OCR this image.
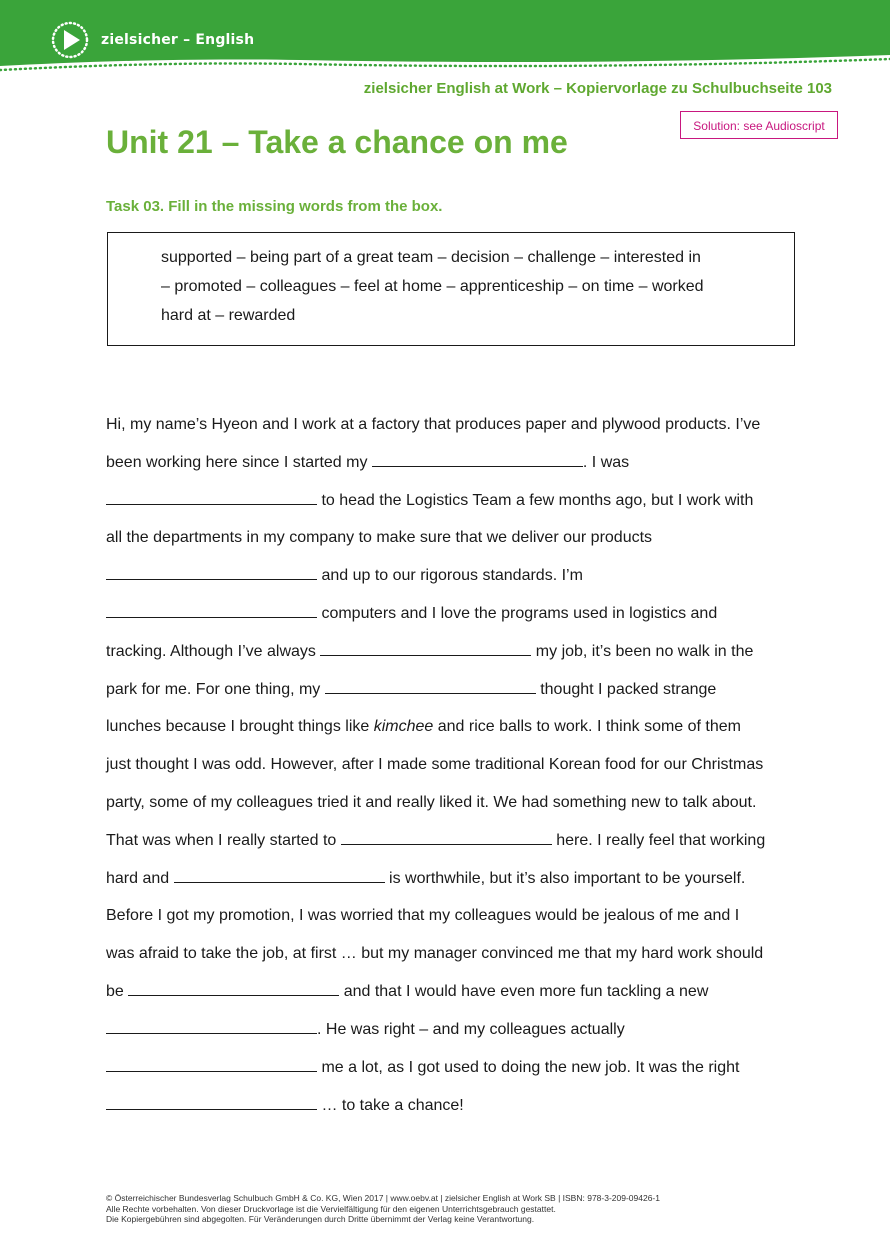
zielsicher – English
zielsicher English at Work – Kopiervorlage zu Schulbuchseite 103
Unit 21 – Take a chance on me	Solution: see Audioscript
Task 03. Fill in the missing words from the box.
supported – being part of a great team – decision – challenge – interested in
– promoted – colleagues – feel at home – apprenticeship – on time – worked
hard at – rewarded
Hi, my name’s Hyeon and I work at a factory that produces paper and plywood products. I’ve
been working here since I started my	. I was
to head the Logistics Team a few months ago, but I work with
all the departments in my company to make sure that we deliver our products
and up to our rigorous standards. I’m
computers and I love the programs used in logistics and
tracking. Although I’ve always	my job, it’s been no walk in the
park for me. For one thing, my	thought I packed strange
lunches because I brought things like kimchee and rice balls to work. I think some of them
just thought I was odd. However, after I made some traditional Korean food for our Christmas
party, some of my colleagues tried it and really liked it. We had something new to talk about.
That was when I really started to	here. I really feel that working
hard and	is worthwhile, but it’s also important to be yourself.
Before I got my promotion, I was worried that my colleagues would be jealous of me and I
was afraid to take the job, at first … but my manager convinced me that my hard work should
be	and that I would have even more fun tackling a new
. He was right – and my colleagues actually
me a lot, as I got used to doing the new job. It was the right
… to take a chance!
© Österreichischer Bundesverlag Schulbuch GmbH & Co. KG, Wien 2017 | www.oebv.at | zielsicher English at Work SB | ISBN: 978-3-209-09426-1
Alle Rechte vorbehalten. Von dieser Druckvorlage ist die Vervielfältigung für den eigenen Unterrichtsgebrauch gestattet.
Die Kopiergebühren sind abgegolten. Für Veränderungen durch Dritte übernimmt der Verlag keine Verantwortung.
